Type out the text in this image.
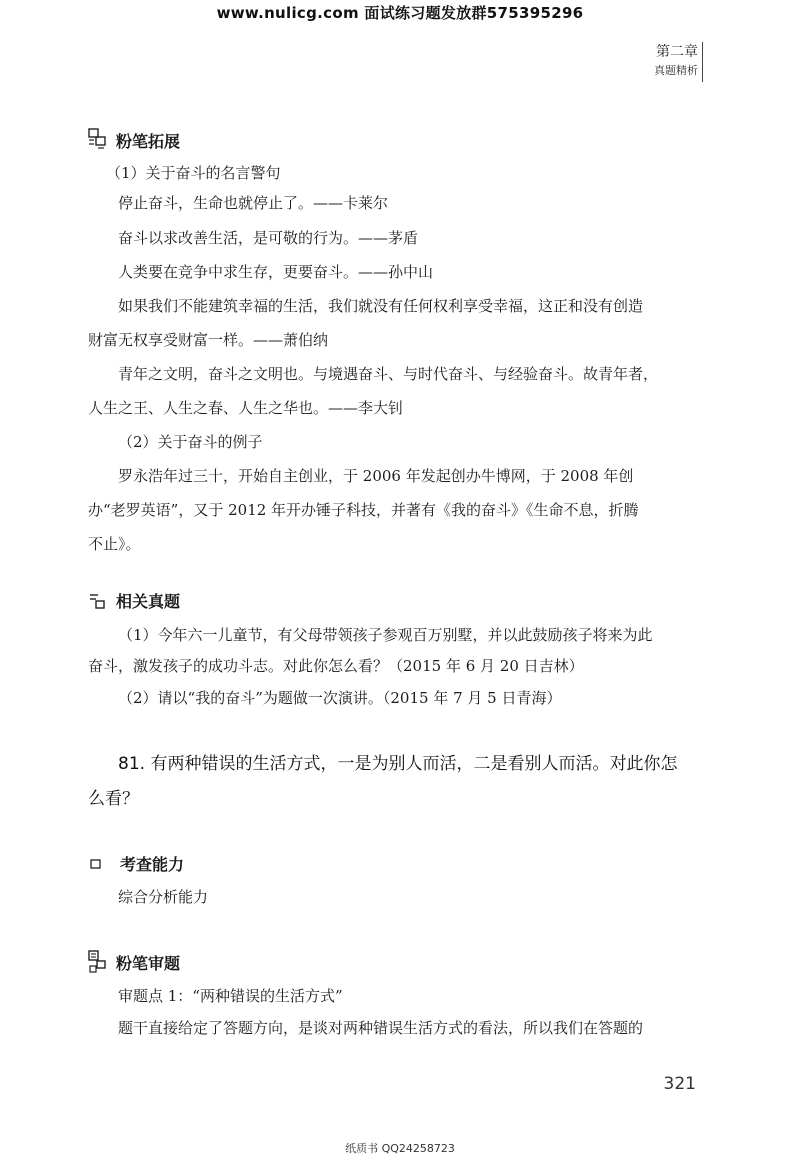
www.nulicg.com 面试练习题发放群575395296
第二章
真题精析
粉笔拓展
（1）关于奋斗的名言警句
停止奋斗，生命也就停止了。——卡莱尔
奋斗以求改善生活，是可敬的行为。——茅盾
人类要在竞争中求生存，更要奋斗。——孙中山
如果我们不能建筑幸福的生活，我们就没有任何权利享受幸福，这正和没有创造
财富无权享受财富一样。——萧伯纳
青年之文明，奋斗之文明也。与境遇奋斗、与时代奋斗、与经验奋斗。故青年者，
人生之王、人生之春、人生之华也。——李大钊
（2）关于奋斗的例子
罗永浩年过三十，开始自主创业，于 2006 年发起创办牛博网，于 2008 年创
办“老罗英语”，又于 2012 年开办锤子科技，并著有《我的奋斗》《生命不息，折腾
不止》。
相关真题
（1）今年六一儿童节，有父母带领孩子参观百万别墅，并以此鼓励孩子将来为此
奋斗，激发孩子的成功斗志。对此你怎么看？（2015 年 6 月 20 日吉林）
（2）请以“我的奋斗”为题做一次演讲。（2015 年 7 月 5 日青海）
81. 有两种错误的生活方式，一是为别人而活，二是看别人而活。对此你怎
么看？
考查能力
综合分析能力
粉笔审题
审题点 1：“两种错误的生活方式”
题干直接给定了答题方向，是谈对两种错误生活方式的看法，所以我们在答题的
321
纸质书 QQ24258723
